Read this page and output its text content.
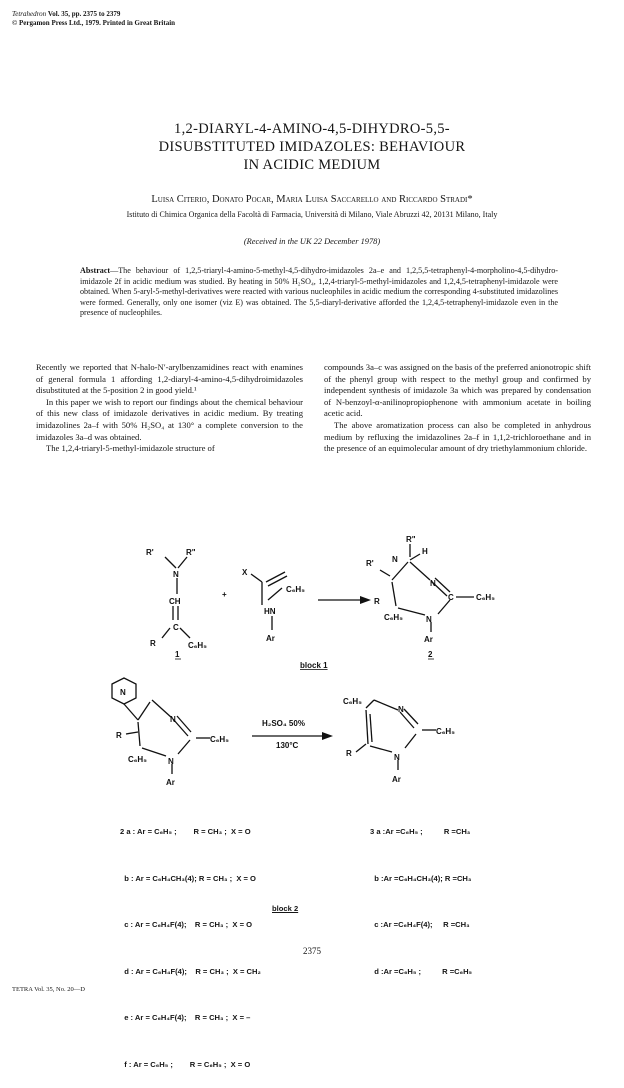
Tetrahedron Vol. 35, pp. 2375 to 2379
© Pergamon Press Ltd., 1979. Printed in Great Britain
1,2-DIARYL-4-AMINO-4,5-DIHYDRO-5,5-
DISUBSTITUTED IMIDAZOLES: BEHAVIOUR
IN ACIDIC MEDIUM
Luisa Citerio, Donato Pocar, Maria Luisa Saccarello and Riccardo Stradi*
Istituto di Chimica Organica della Facoltà di Farmacia, Università di Milano, Viale Abruzzi 42, 20131 Milano, Italy
(Received in the UK 22 December 1978)
Abstract—The behaviour of 1,2,5-triaryl-4-amino-5-methyl-4,5-dihydro-imidazoles 2a–e and 1,2,5,5-tetraphenyl-4-morpholino-4,5-dihydro-imidazole 2f in acidic medium was studied. By heating in 50% H₂SO₄, 1,2,4-triaryl-5-methyl-imidazoles and 1,2,4,5-tetraphenyl-imidazole were obtained. When 5-aryl-5-methyl-derivatives were reacted with various nucleophiles in acidic medium the corresponding 4-substituted imidazolines were formed. Generally, only one isomer (viz E) was obtained. The 5,5-diaryl-derivative afforded the 1,2,4,5-tetraphenyl-imidazole even in the presence of nucleophiles.

Recently we reported that N-halo-N′-arylbenzamidines react with enamines of general formula 1 affording 1,2-diaryl-4-amino-4,5-dihydroimidazoles disubstituted at the 5-position 2 in good yield.¹

In this paper we wish to report our findings about the chemical behaviour of this new class of imidazole derivatives in acidic medium. By treating imidazolines 2a–f with 50% H₂SO₄ at 130° a complete conversion to the imidazoles 3a–d was obtained.

The 1,2,4-triaryl-5-methyl-imidazole structure of

compounds 3a–c was assigned on the basis of the preferred anionotropic shift of the phenyl group with respect to the methyl group and confirmed by independent synthesis of imidazole 3a which was prepared by condensation of N-benzoyl-α-anilinopropiophenone with ammonium acetate in boiling acetic acid.

The above aromatization process can also be completed in anhydrous medium by refluxing the imidazolines 2a–f in 1,1,2-trichloroethane and in the presence of an equimolecular amount of dry triethylammonium chloride.

R'	R"
N
CH
C
R	C₆H₅
+
X
C₆H₅
HN
Ar
R"
R' N
H
N
C	C₆H₅
R
C₆H₅	N
Ar
1	2
block 1
N
R
N
C₆H₅
C₆H₅	N
Ar
H₂SO₄ 50%
130°C
C₆H₅
N
C₆H₅
R	N
Ar

2 a : Ar = C₆H₅ ;        R = CH₃ ;  X = O

b : Ar = C₆H₄CH₃(4); R = CH₃ ;  X = O

c : Ar = C₆H₄F(4);    R = CH₃ ;  X = O

d : Ar = C₆H₄F(4);    R = CH₃ ;  X = CH₂

e : Ar = C₆H₄F(4);    R = CH₃ ;  X = –

f : Ar = C₆H₅ ;        R = C₆H₅ ;  X = O

3 a :Ar =C₆H₅ ;          R =CH₃

b :Ar =C₆H₄CH₃(4); R =CH₃

c :Ar =C₆H₄F(4);     R =CH₃

d :Ar =C₆H₅ ;          R =C₆H₅

block 2
2375
TETRA Vol. 35, No. 20—D
